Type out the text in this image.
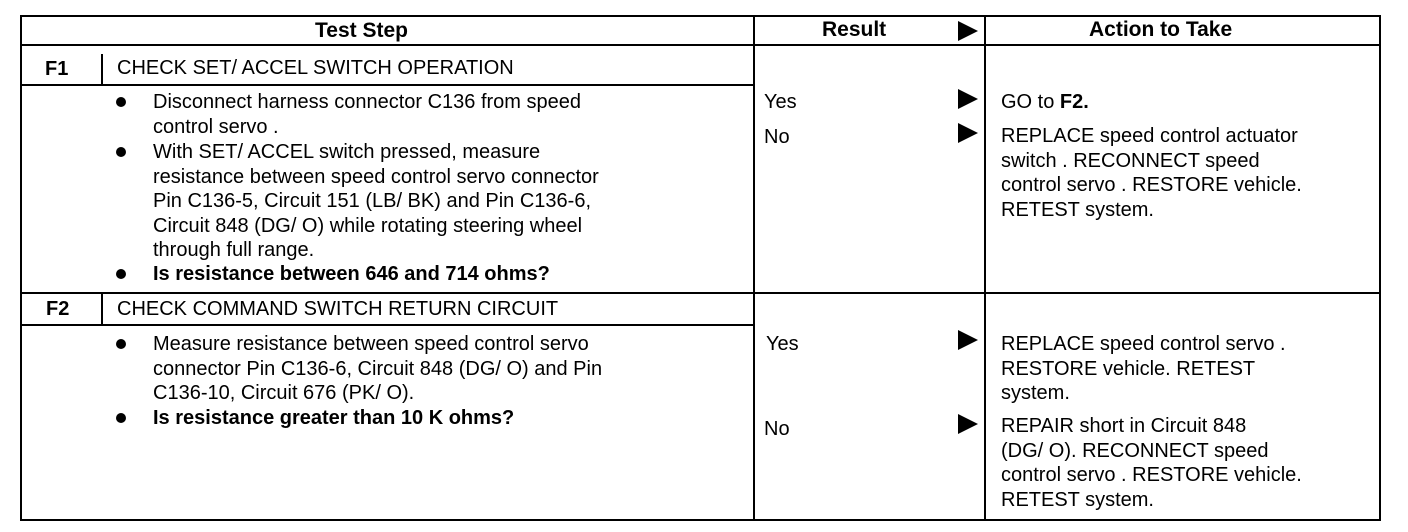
Test Step	Result	Action to Take
F1 CHECK SET/ ACCEL SWITCH OPERATION
Disconnect harness connector C136 from speed
control servo .
With SET/ ACCEL switch pressed, measure
resistance between speed control servo connector
Pin C136-5, Circuit 151 (LB/ BK) and Pin C136-6,
Circuit 848 (DG/ O) while rotating steering wheel
through full range.
Is resistance between 646 and 714 ohms?
Yes	GO to F2.
No	REPLACE speed control actuator
switch . RECONNECT speed
control servo . RESTORE vehicle.
RETEST system.
F2 CHECK COMMAND SWITCH RETURN CIRCUIT
Measure resistance between speed control servo
connector Pin C136-6, Circuit 848 (DG/ O) and Pin
C136-10, Circuit 676 (PK/ O).
Is resistance greater than 10 K ohms?
Yes	REPLACE speed control servo .
RESTORE vehicle. RETEST
system.
No	REPAIR short in Circuit 848
(DG/ O). RECONNECT speed
control servo . RESTORE vehicle.
RETEST system.
